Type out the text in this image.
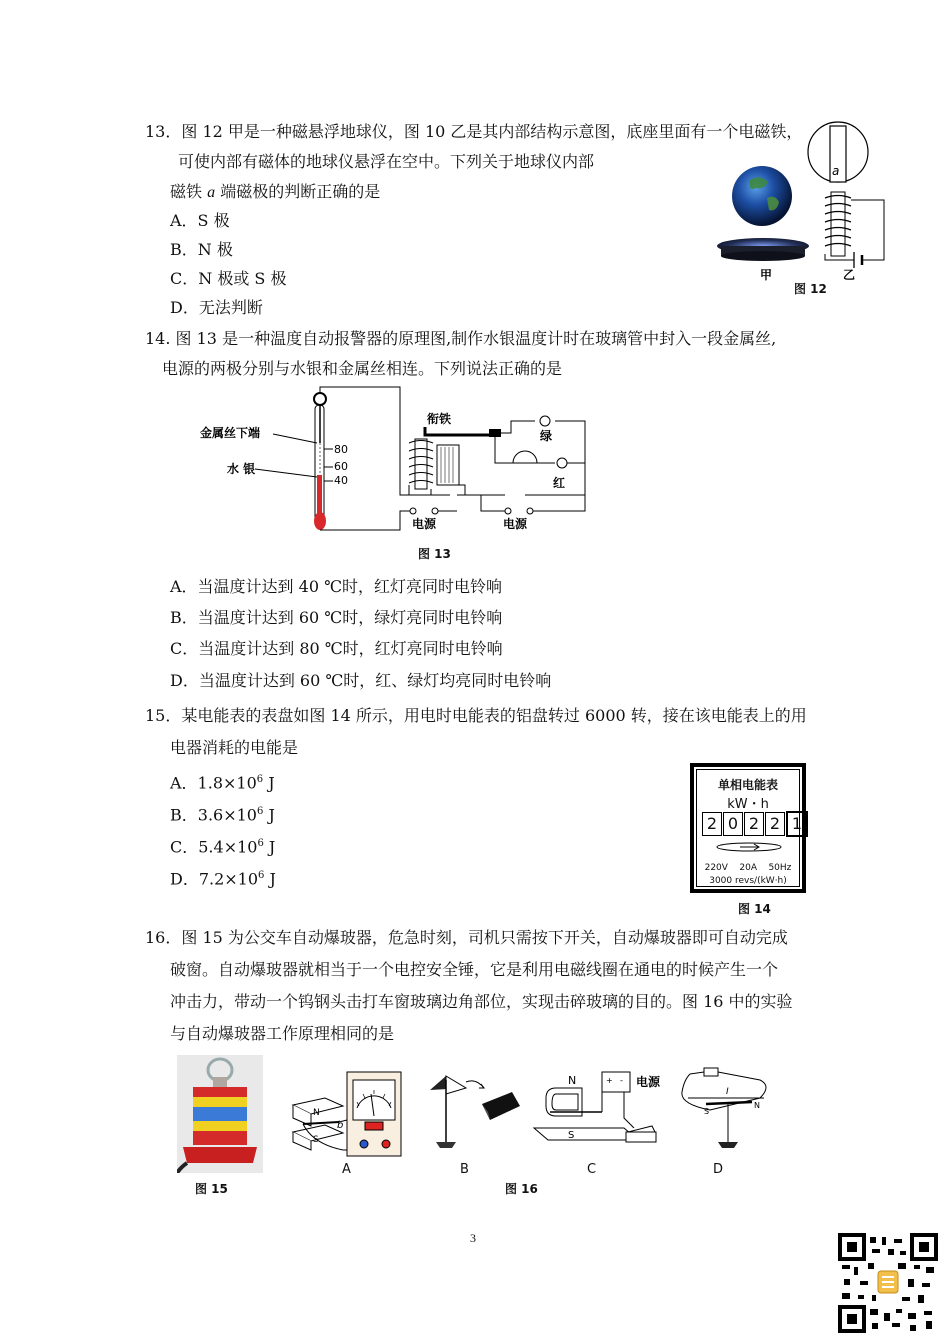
13．图 12 甲是一种磁悬浮地球仪，图 10 乙是其内部结构示意图，底座里面有一个电磁铁，
可使内部有磁体的地球仪悬浮在空中。下列关于地球仪内部
磁铁 a 端磁极的判断正确的是
A．S 极
B．N 极
C．N 极或 S 极
D．无法判断
甲
a
乙
图 12
14. 图 13 是一种温度自动报警器的原理图,制作水银温度计时在玻璃管中封入一段金属丝,
电源的两极分别与水银和金属丝相连。下列说法正确的是
80
60
40
金属丝下端
水 银
衔铁
绿
红
电源	电源
图 13
A．当温度计达到 40 ℃时，红灯亮同时电铃响
B．当温度计达到 60 ℃时，绿灯亮同时电铃响
C．当温度计达到 80 ℃时，红灯亮同时电铃响
D．当温度计达到 60 ℃时，红、绿灯均亮同时电铃响
15．某电能表的表盘如图 14 所示，用电时电能表的铝盘转过 6000 转，接在该电能表上的用
电器消耗的电能是
A．$1.8\times 10^6$ J
B．$3.6\times 10^6$ J
C．$5.4\times 10^6$ J
D．$7.2\times 10^6$ J
单相电能表
kW・h
2 0 2 2 1
220V    20A    50Hz
3000 revs/(kW·h)
图 14
16．图 15 为公交车自动爆玻器，危急时刻，司机只需按下开关，自动爆玻器即可自动完成
破窗。自动爆玻器就相当于一个电控安全锤，它是利用电磁线圈在通电的时候产生一个
冲击力，带动一个钨钢头击打车窗玻璃边角部位，实现击碎玻璃的目的。图 16 中的实验
与自动爆玻器工作原理相同的是
图 15
N
S
b
A	B
N	电源
+ -
S
C
I
S
N
D
图 16
3
